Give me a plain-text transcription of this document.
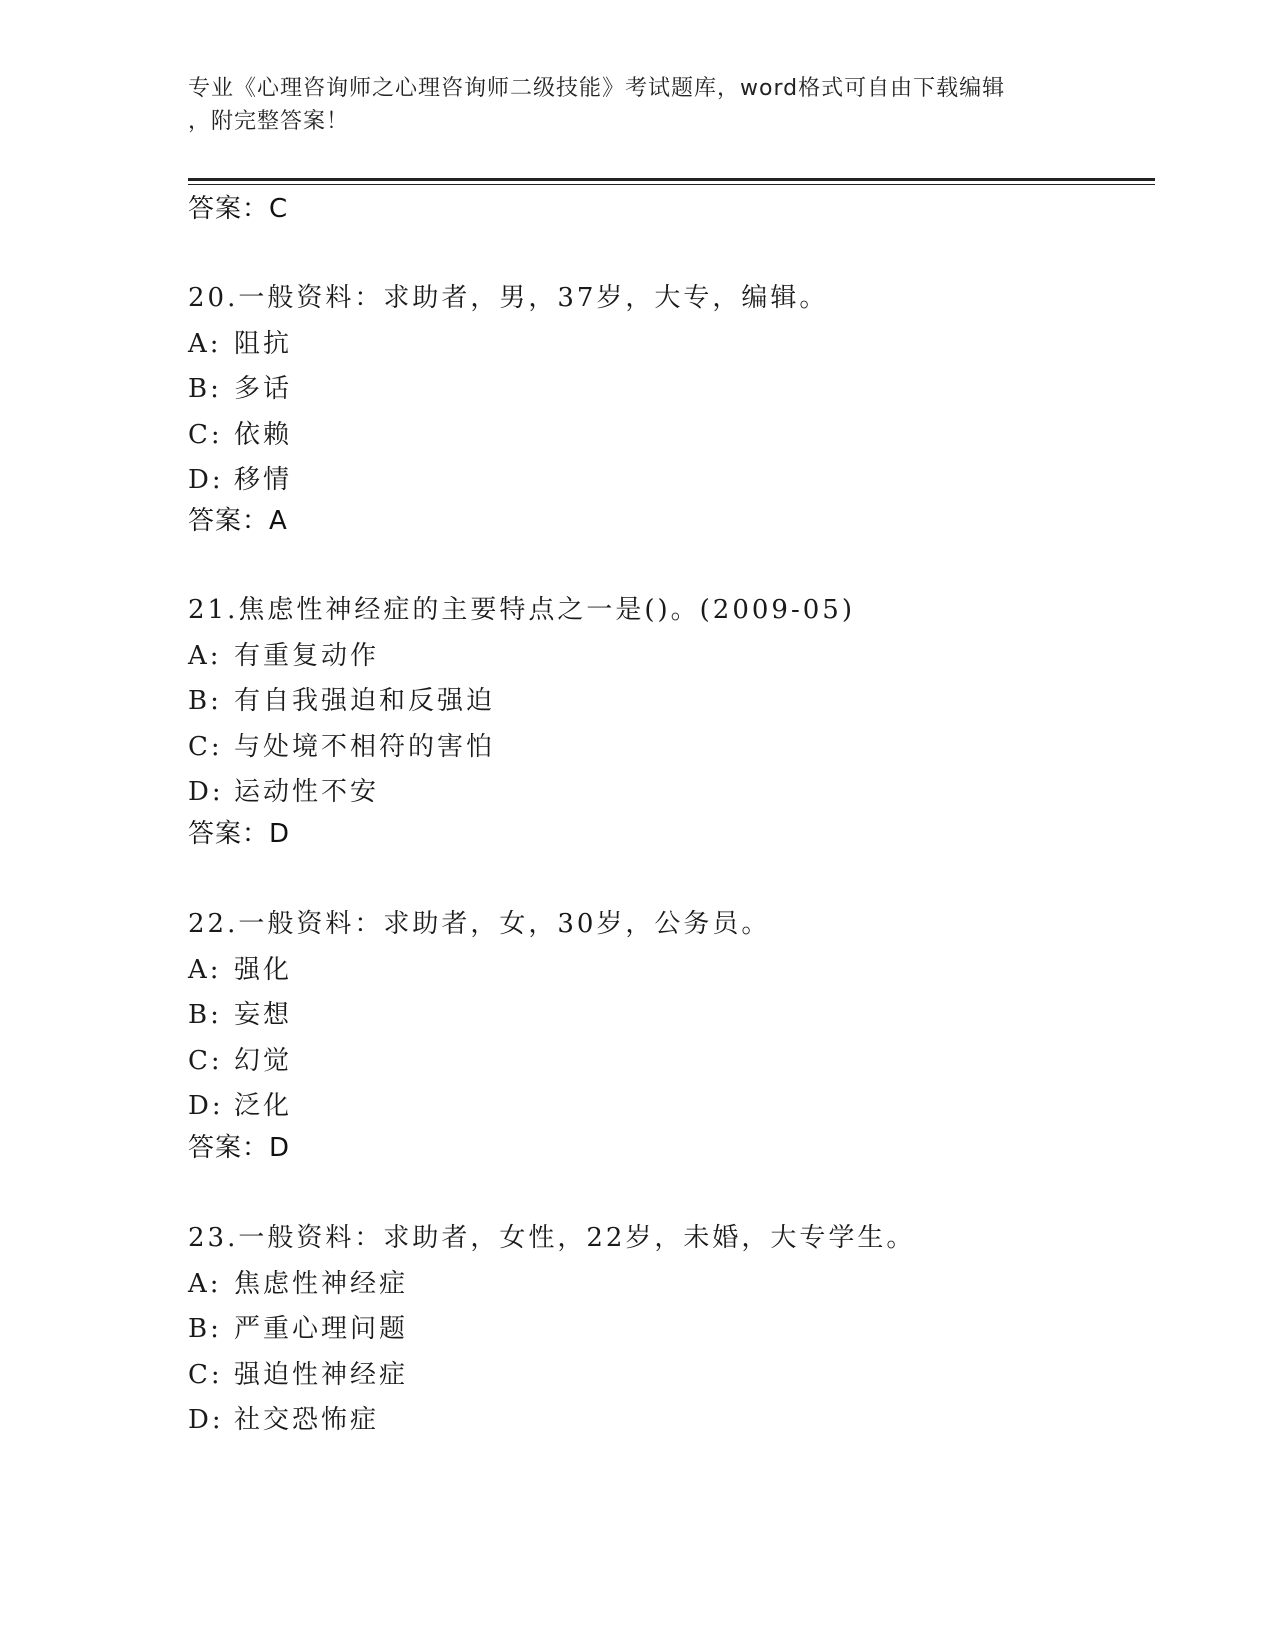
专业《心理咨询师之心理咨询师二级技能》考试题库，word格式可自由下载编辑
，附完整答案！
答案：C
20.一般资料：求助者，男，37岁，大专，编辑。
A: 阻抗
B: 多话
C: 依赖
D: 移情
答案：A
21.焦虑性神经症的主要特点之一是()。(2009-05)
A: 有重复动作
B: 有自我强迫和反强迫
C: 与处境不相符的害怕
D: 运动性不安
答案：D
22.一般资料：求助者，女，30岁，公务员。
A: 强化
B: 妄想
C: 幻觉
D: 泛化
答案：D
23.一般资料：求助者，女性，22岁，未婚，大专学生。
A: 焦虑性神经症
B: 严重心理问题
C: 强迫性神经症
D: 社交恐怖症
